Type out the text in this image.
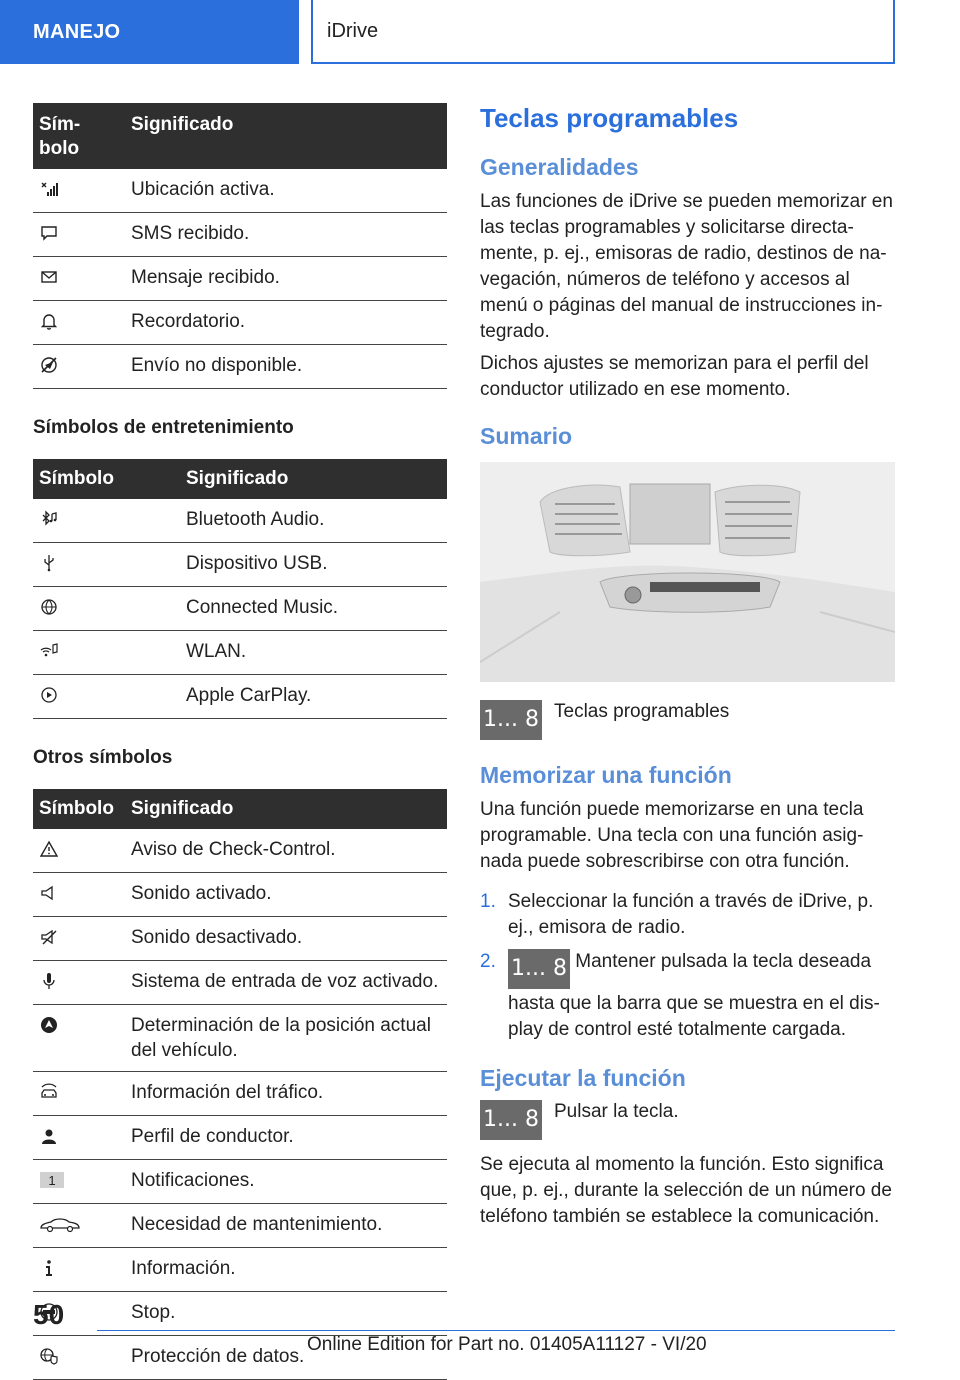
MANEJO	iDrive
Sím-
bolo	Significado

	Ubicación activa.

	SMS recibido.

	Mensaje recibido.

	Recordatorio.

	Envío no disponible.
Símbolos de entretenimiento
Símbolo	Significado

	Bluetooth Audio.

	Dispositivo USB.

	Connected Music.

	WLAN.

	Apple CarPlay.
Otros símbolos
Símbolo	Significado

	Aviso de Check-Control.

	Sonido activado.

	Sonido desactivado.

	Sistema de entrada de voz activado.

	Determinación de la posición actual del vehículo.

	Información del tráfico.

	Perfil de conductor.

1	Notificaciones.

	Necesidad de mantenimiento.

	Información.

	Stop.

	Protección de datos.
Teclas programables
Generalidades

Las funciones de iDrive se pueden memorizar en las teclas programables y solicitarse directa-mente, p. ej., emisoras de radio, destinos de na-vegación, números de teléfono y accesos al menú o páginas del manual de instrucciones in-tegrado.

Dichos ajustes se memorizan para el perfil del conductor utilizado en ese momento.

Sumario
1... 8 Teclas programables
Memorizar una función

Una función puede memorizarse en una tecla programable. Una tecla con una función asig-nada puede sobrescribirse con otra función.

1. Seleccionar la función a través de iDrive, p. ej., emisora de radio.
2. 1... 8 Mantener pulsada la tecla deseada hasta que la barra que se muestra en el dis-play de control esté totalmente cargada.
Ejecutar la función
1... 8 Pulsar la tecla.

Se ejecuta al momento la función. Esto significa que, p. ej., durante la selección de un número de teléfono también se establece la comunicación.

50
Online Edition for Part no. 01405A11127 - VI/20
